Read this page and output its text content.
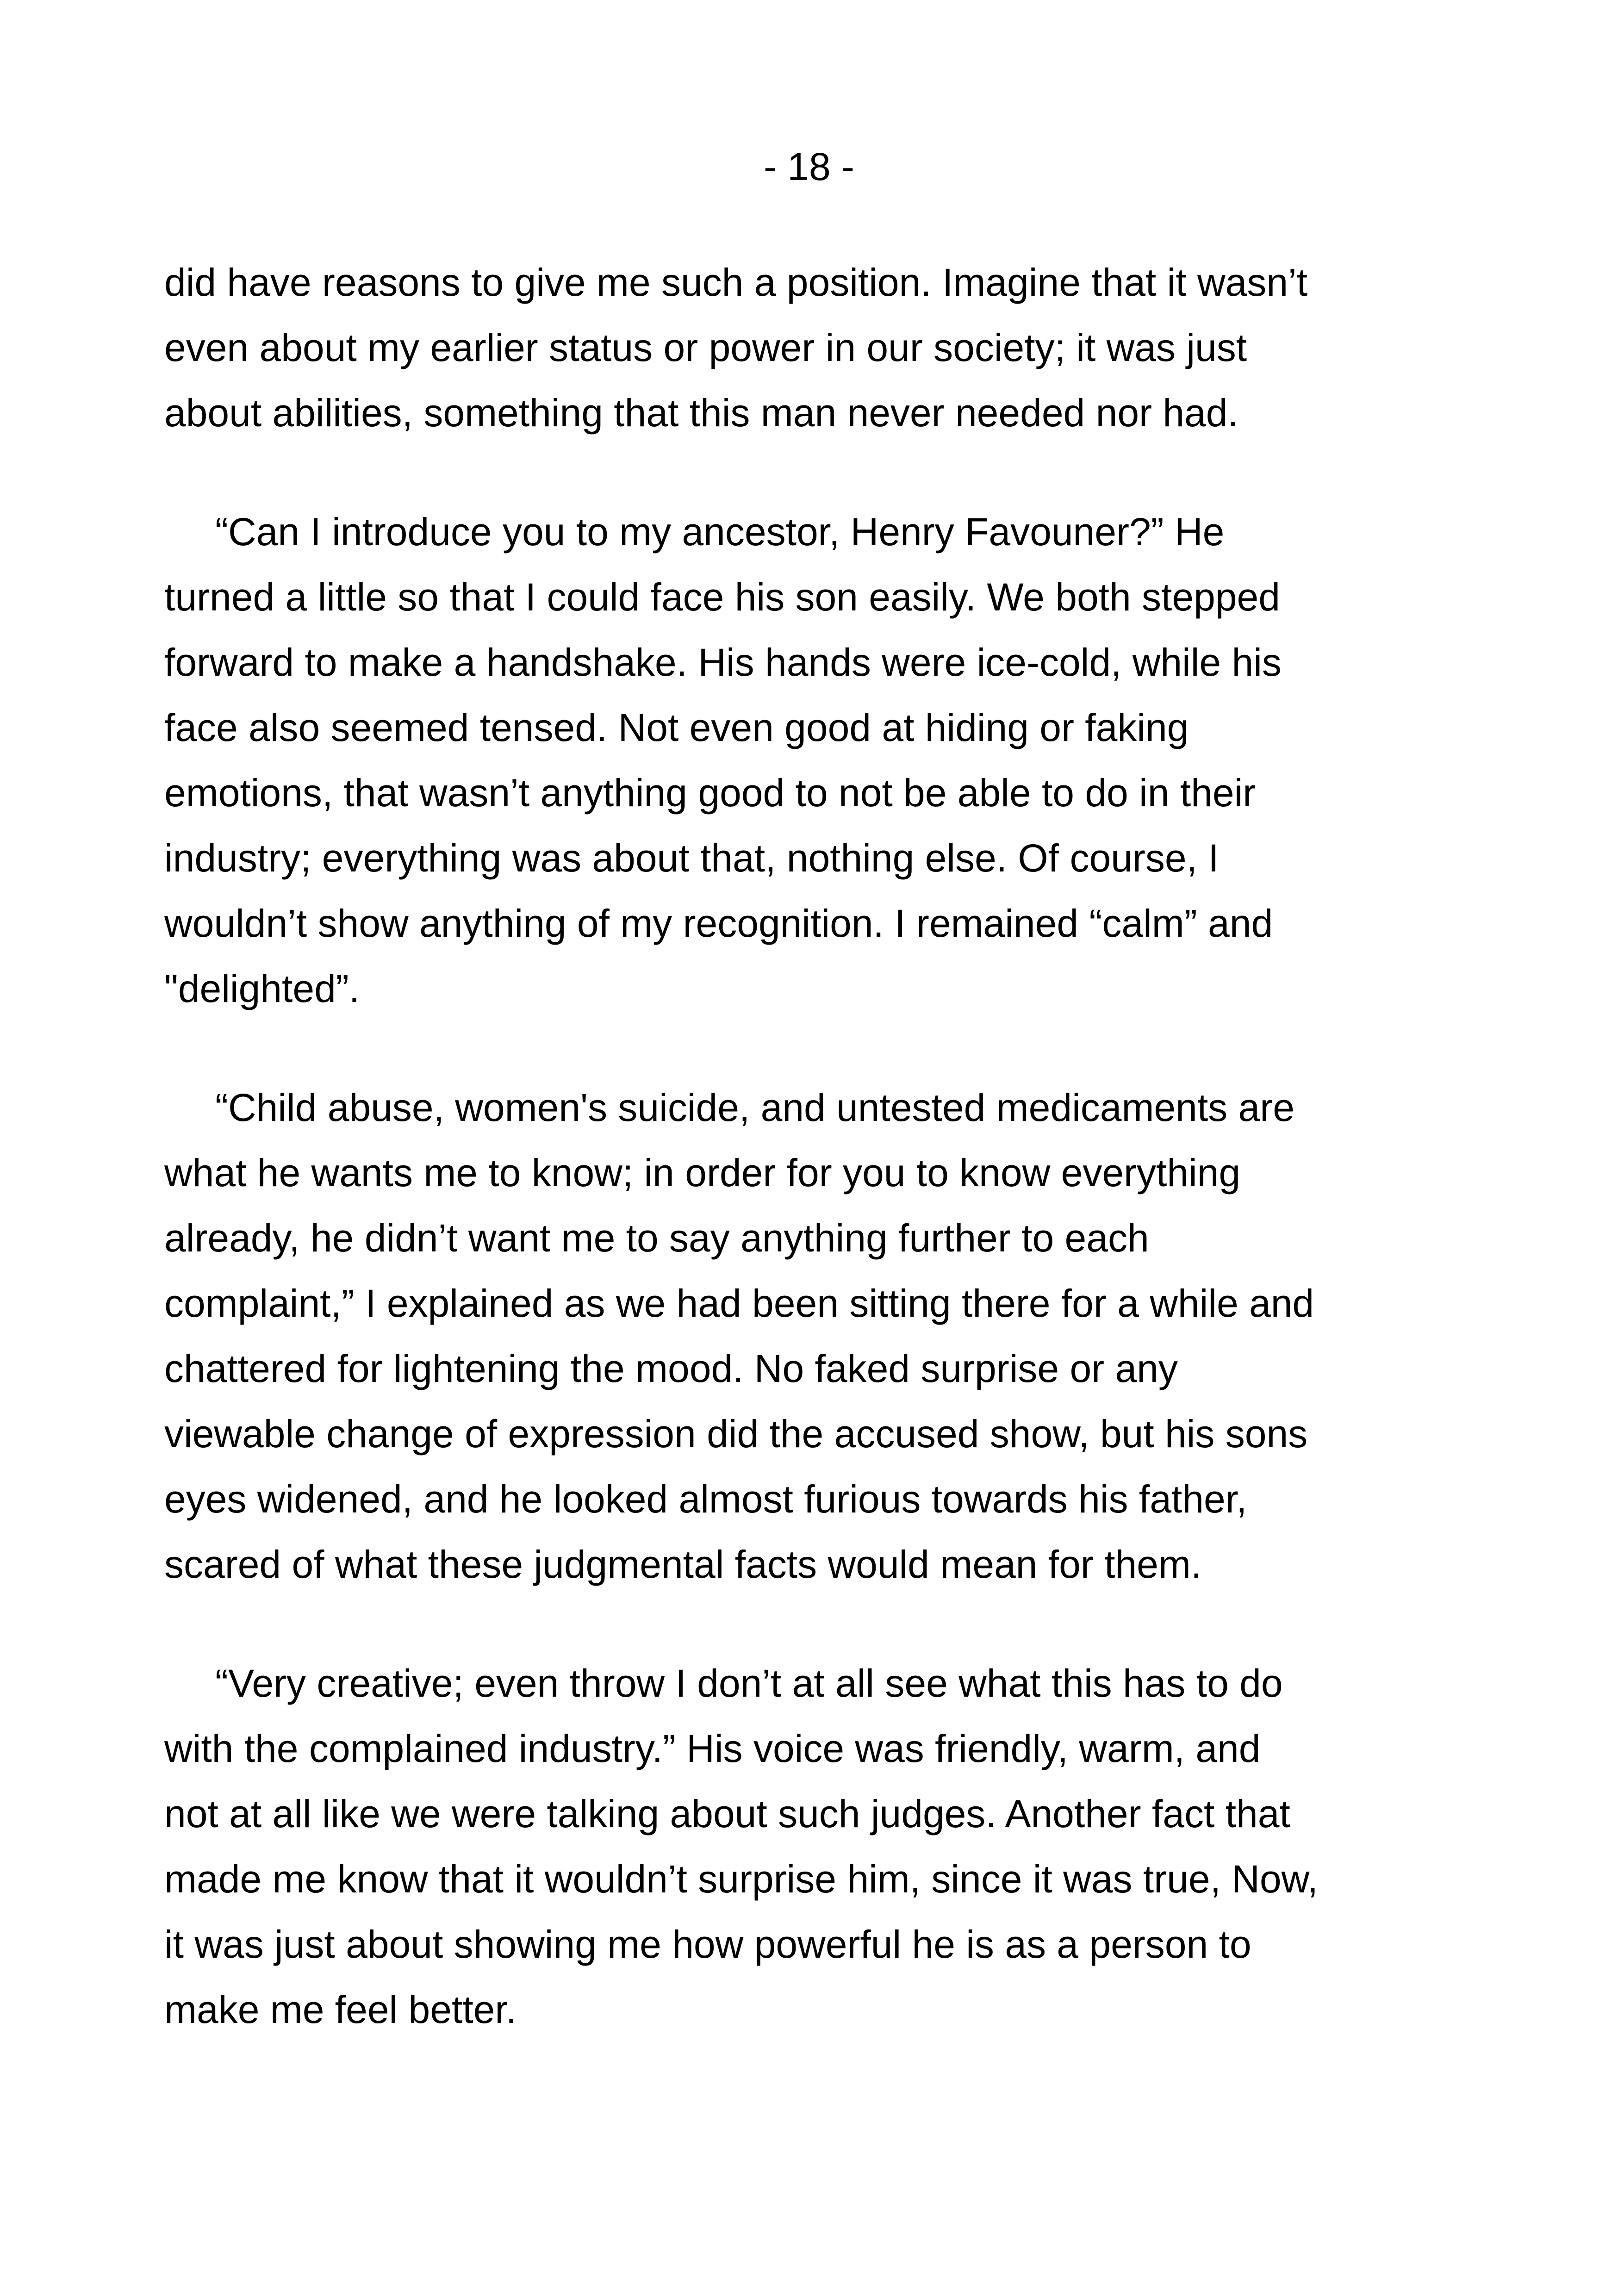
- 18 -
did have reasons to give me such a position. Imagine that it wasn’t
even about my earlier status or power in our society; it was just
about abilities, something that this man never needed nor had.
“Can I introduce you to my ancestor, Henry Favouner?” He
turned a little so that I could face his son easily. We both stepped
forward to make a handshake. His hands were ice-cold, while his
face also seemed tensed. Not even good at hiding or faking
emotions, that wasn’t anything good to not be able to do in their
industry; everything was about that, nothing else. Of course, I
wouldn’t show anything of my recognition. I remained “calm” and
"delighted”.
“Child abuse, women's suicide, and untested medicaments are
what he wants me to know; in order for you to know everything
already, he didn’t want me to say anything further to each
complaint,” I explained as we had been sitting there for a while and
chattered for lightening the mood. No faked surprise or any
viewable change of expression did the accused show, but his sons
eyes widened, and he looked almost furious towards his father,
scared of what these judgmental facts would mean for them.
“Very creative; even throw I don’t at all see what this has to do
with the complained industry.” His voice was friendly, warm, and
not at all like we were talking about such judges. Another fact that
made me know that it wouldn’t surprise him, since it was true, Now,
it was just about showing me how powerful he is as a person to
make me feel better.
